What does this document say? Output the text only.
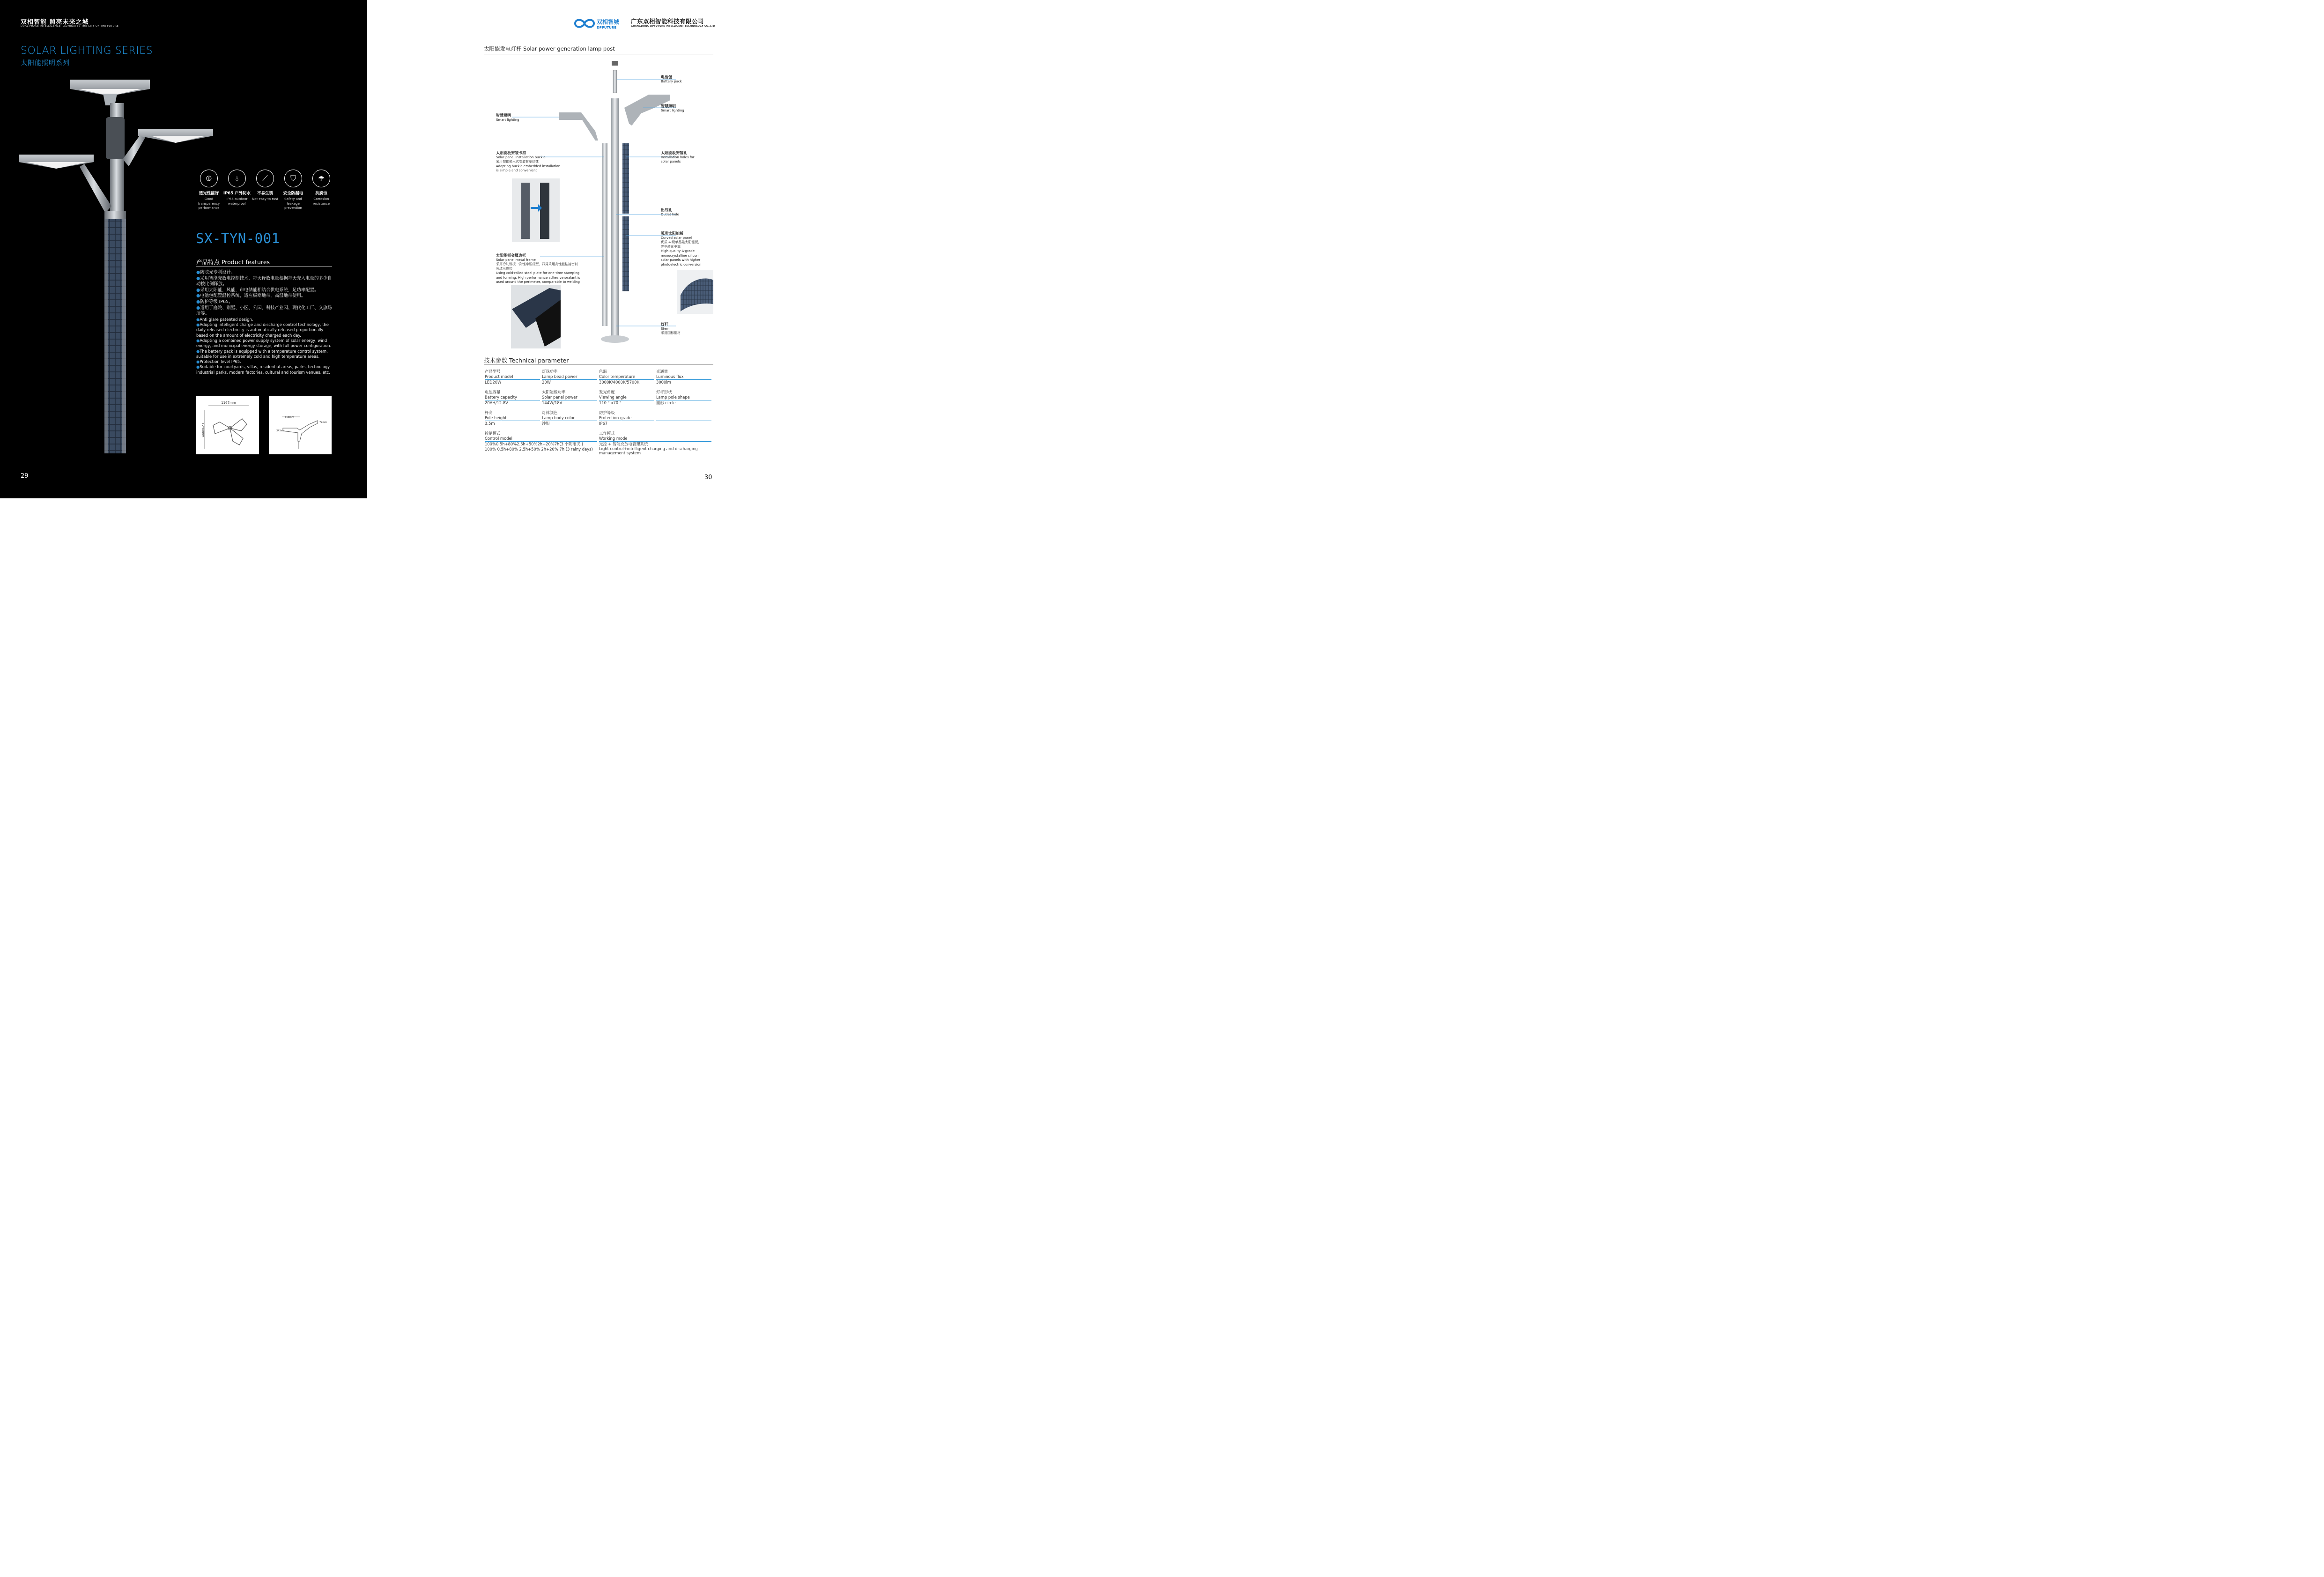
双相智能 照亮未来之城
DUAL PHASE INTELLIGENCE ILLUMINATES THE CITY OF THE FUTURE
SOLAR LIGHTING SERIES
太阳能照明系列
⦶
透光性能好
Good transparency performance
💧︎
IP65 户外防水
IP65 outdoor waterproof
⟋
不易生锈
Not easy to rust
⛉
安全防漏电
Safety and leakage prevention
☂
抗腐蚀
Corrosion resistance
SX-TYN-001
产品特点 Product features
●防眩光专利设计。
●采用智能充放电控制技术，每天释放电量根据每天充入电量的多少自动按比例释放。
●采用太阳能，风能，市电储能相结合供电系统，足功率配置。
●电池包配置温控系统，适应极寒地带，高温地带使用。
●防护等级 IP65。
●适用于庭院、别墅、小区、公园、科技产业园、现代化工厂、文旅场所等。
●Anti glare patented design.
●Adopting intelligent charge and discharge control technology, the daily released electricity is automatically released proportionally based on the amount of electricity charged each day.
●Adopting a combined power supply system of solar energy, wind energy, and municipal energy storage, with full power configuration.
●The battery pack is equipped with a temperature control system, suitable for use in extremely cold and high temperature areas.
●Protection level IP65.
●Suitable for courtyards, villas, residential areas, parks, technology industrial parks, modern factories, cultural and tourism venues, etc.
1167mm
1290mm
668mm
345mm
72mm
29
双相智城
DPFUTURE
广东双相智能科技有限公司
GUANGDONG DPFUTURE INTELLIGENT TECHNOLOGY CO.,LTD
太阳能发电灯杆 Solar power generation lamp post
电池包
Battery pack
智慧照明
Smart lighting
智慧照明
Smart lighting
太阳能板安装卡扣
Solar panel Installation buckle
采用按扣嵌入式安装简单便捷
Adopting buckle embedded installation is simple and convenient
太阳能板安装孔
Installation holes for solar panels
出线孔
Outlet hole
弧形太阳能板
Curved solar panel
优质 A 级单晶硅太阳能板，光电转化更高
High quality A-grade monocrystalline silicon solar panels with higher photoelectric conversion
太阳能板金属边框
Solar panel metal frame
采用冷轧钢板一次性冲压成型，四周采用高性能粘接密封胶填出焊接
Using cold-rolled steel plate for one-time stamping and forming, High performance adhesive sealant is used around the perimeter, comparable to welding
灯杆
Stem
采用国标钢材
技术参数 Technical parameter
产品型号
Product model
LED20W
灯珠功率
Lamp bead power
20W
色温
Color temperature
3000K/4000K/5700K
光通量
Luminous flux
3000lm
电池容量
Battery capacity
20AH/12.8V
太阳能板功率
Solar panel power
144W/18V
发光角度
Viewing angle
110 ° x70 °
灯杆形状
Lamp pole shape
圆形 circle
杆高
Pole height
3.5m
灯体颜色
Lamp body color
沙银
防护等级
Protection grade
IP67

控制模式
Control model
100%0.5h+80%2.5h+50%2h+20%7h(3 个阴雨天 )
100% 0.5h+80% 2.5h+50% 2h+20% 7h (3 rainy days)
工作模式
Working mode
光控 + 智能充放电管理系统
Light control+intelligent charging and discharging management system
30
